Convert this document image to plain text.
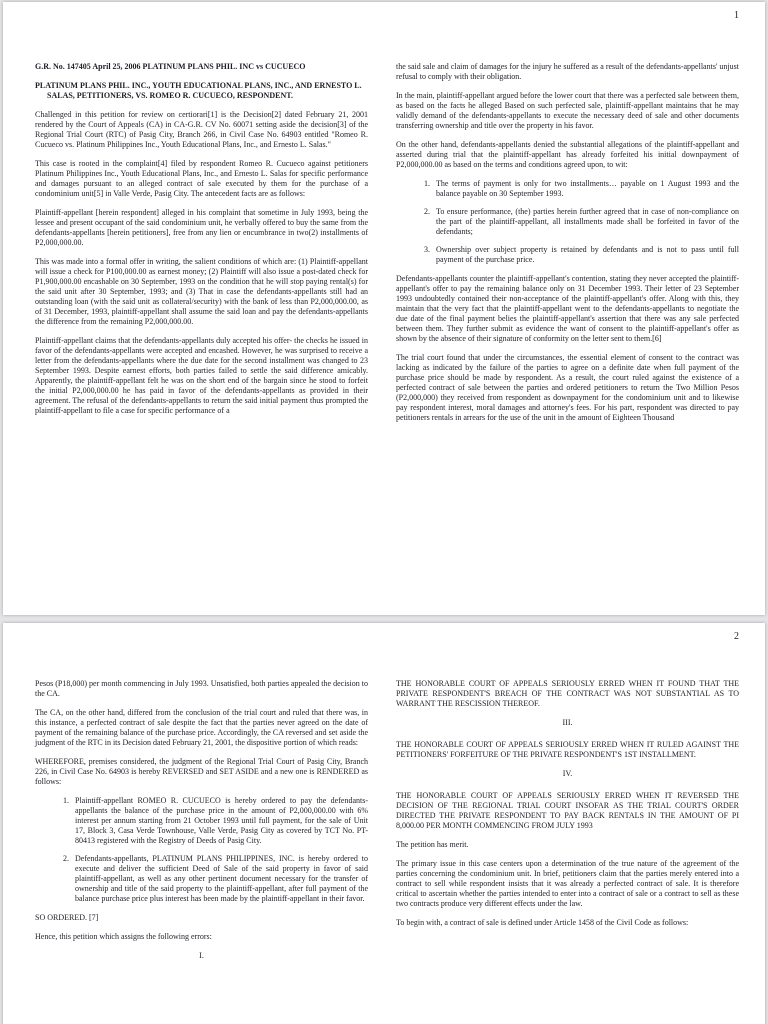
1

G.R. No. 147405 April 25, 2006 PLATINUM PLANS PHIL. INC vs CUCUECO

PLATINUM PLANS PHIL. INC., YOUTH EDUCATIONAL PLANS, INC., AND ERNESTO L. SALAS, PETITIONERS, VS. ROMEO R. CUCUECO, RESPONDENT.

Challenged in this petition for review on certiorari[1] is the Decision[2] dated February 21, 2001 rendered by the Court of Appeals (CA) in CA-G.R. CV No. 60071 setting aside the decision[3] of the Regional Trial Court (RTC) of Pasig City, Branch 266, in Civil Case No. 64903 entitled "Romeo R. Cucueco vs. Platinum Philippines Inc., Youth Educational Plans, Inc., and Ernesto L. Salas."

This case is rooted in the complaint[4] filed by respondent Romeo R. Cucueco against petitioners Platinum Philippines Inc., Youth Educational Plans, Inc., and Ernesto L. Salas for specific performance and damages pursuant to an alleged contract of sale executed by them for the purchase of a condominium unit[5] in Valle Verde, Pasig City. The antecedent facts are as follows:

Plaintiff-appellant [herein respondent] alleged in his complaint that sometime in July 1993, being the lessee and present occupant of the said condominium unit, he verbally offered to buy the same from the defendants-appellants [herein petitioners], free from any lien or encumbrance in two(2) installments of P2,000,000.00.

This was made into a formal offer in writing, the salient conditions of which are: (1) Plaintiff-appellant will issue a check for P100,000.00 as earnest money; (2) Plaintiff will also issue a post-dated check for P1,900,000.00 encashable on 30 September, 1993 on the condition that he will stop paying rental(s) for the said unit after 30 September, 1993; and (3) That in case the defendants-appellants still had an outstanding loan (with the said unit as collateral/security) with the bank of less than P2,000,000.00, as of 31 December, 1993, plaintiff-appellant shall assume the said loan and pay the defendants-appellants the difference from the remaining P2,000,000.00.

Plaintiff-appellant claims that the defendants-appellants duly accepted his offer- the checks he issued in favor of the defendants-appellants were accepted and encashed. However, he was surprised to receive a letter from the defendants-appellants where the due date for the second installment was changed to 23 September 1993. Despite earnest efforts, both parties failed to settle the said difference amicably. Apparently, the plaintiff-appellant felt he was on the short end of the bargain since he stood to forfeit the initial P2,000,000.00 he has paid in favor of the defendants-appellants as provided in their agreement. The refusal of the defendants-appellants to return the said initial payment thus prompted the plaintiff-appellant to file a case for specific performance of a

the said sale and claim of damages for the injury he suffered as a result of the defendants-appellants' unjust refusal to comply with their obligation.

In the main, plaintiff-appellant argued before the lower court that there was a perfected sale between them, as based on the facts he alleged Based on such perfected sale, plaintiff-appellant maintains that he may validly demand of the defendants-appellants to execute the necessary deed of sale and other documents transferring ownership and title over the property in his favor.

On the other hand, defendants-appellants denied the substantial allegations of the plaintiff-appellant and asserted during trial that the plaintiff-appellant has already forfeited his initial downpayment of P2,000,000.00 as based on the terms and conditions agreed upon, to wit:

1. The terms of payment is only for two installments… payable on 1 August 1993 and the balance payable on 30 September 1993.
2. To ensure performance, (the) parties herein further agreed that in case of non-compliance on the part of the plaintiff-appellant, all installments made shall be forfeited in favor of the defendants;
3. Ownership over subject property is retained by defendants and is not to pass until full payment of the purchase price.

Defendants-appellants counter the plaintiff-appellant's contention, stating they never accepted the plaintiff-appellant's offer to pay the remaining balance only on 31 December 1993. Their letter of 23 September 1993 undoubtedly contained their non-acceptance of the plaintiff-appellant's offer. Along with this, they maintain that the very fact that the plaintiff-appellant went to the defendants-appellants to negotiate the due date of the final payment belies the plaintiff-appellant's assertion that there was any sale perfected between them. They further submit as evidence the want of consent to the plaintiff-appellant's offer as shown by the absence of their signature of conformity on the letter sent to them.[6]

The trial court found that under the circumstances, the essential element of consent to the contract was lacking as indicated by the failure of the parties to agree on a definite date when full payment of the purchase price should be made by respondent. As a result, the court ruled against the existence of a perfected contract of sale between the parties and ordered petitioners to return the Two Million Pesos (P2,000,000) they received from respondent as downpayment for the condominium unit and to likewise pay respondent interest, moral damages and attorney's fees. For his part, respondent was directed to pay petitioners rentals in arrears for the use of the unit in the amount of Eighteen Thousand

2

Pesos (P18,000) per month commencing in July 1993. Unsatisfied, both parties appealed the decision to the CA.

The CA, on the other hand, differed from the conclusion of the trial court and ruled that there was, in this instance, a perfected contract of sale despite the fact that the parties never agreed on the date of payment of the remaining balance of the purchase price. Accordingly, the CA reversed and set aside the judgment of the RTC in its Decision dated February 21, 2001, the dispositive portion of which reads:

WHEREFORE, premises considered, the judgment of the Regional Trial Court of Pasig City, Branch 226, in Civil Case No. 64903 is hereby REVERSED and SET ASIDE and a new one is RENDERED as follows:

1. Plaintiff-appellant ROMEO R. CUCUECO is hereby ordered to pay the defendants-appellants the balance of the purchase price in the amount of P2,000,000.00 with 6% interest per annum starting from 21 October 1993 until full payment, for the sale of Unit 17, Block 3, Casa Verde Townhouse, Valle Verde, Pasig City as covered by TCT No. PT-80413 registered with the Registry of Deeds of Pasig City.
2. Defendants-appellants, PLATINUM PLANS PHILIPPINES, INC. is hereby ordered to execute and deliver the sufficient Deed of Sale of the said property in favor of said plaintiff-appellant, as well as any other pertinent document necessary for the transfer of ownership and title of the said property to the plaintiff-appellant, after full payment of the balance purchase price plus interest has been made by the plaintiff-appellant in their favor.

SO ORDERED. [7]

Hence, this petition which assigns the following errors:

I.

THE HONORABLE COURT OF APPEALS SERIOUSLY ERRED WHEN IT FOUND THAT THE PRIVATE RESPONDENT'S BREACH OF THE CONTRACT WAS NOT SUBSTANTIAL AS TO WARRANT THE RESCISSION THEREOF.

III.

THE HONORABLE COURT OF APPEALS SERIOUSLY ERRED WHEN IT RULED AGAINST THE PETITIONERS' FORFEITURE OF THE PRIVATE RESPONDENT'S 1ST INSTALLMENT.

IV.

THE HONORABLE COURT OF APPEALS SERIOUSLY ERRED WHEN IT REVERSED THE DECISION OF THE REGIONAL TRIAL COURT INSOFAR AS THE TRIAL COURT'S ORDER DIRECTED THE PRIVATE RESPONDENT TO PAY BACK RENTALS IN THE AMOUNT OF PI 8,000.00 PER MONTH COMMENCING FROM JULY 1993

The petition has merit.

The primary issue in this case centers upon a determination of the true nature of the agreement of the parties concerning the condominium unit. In brief, petitioners claim that the parties merely entered into a contract to sell while respondent insists that it was already a perfected contract of sale. It is therefore critical to ascertain whether the parties intended to enter into a contract of sale or a contract to sell as these two contracts produce very different effects under the law.

To begin with, a contract of sale is defined under Article 1458 of the Civil Code as follows:
